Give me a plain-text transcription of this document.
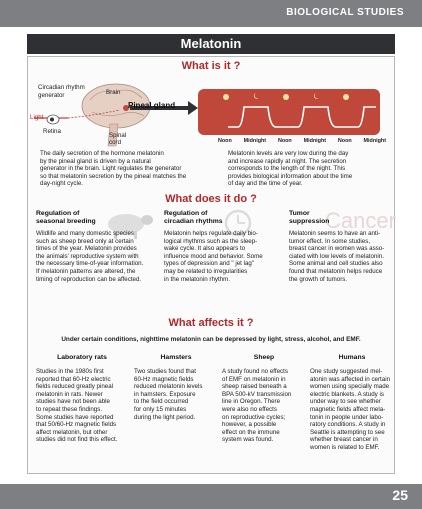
BIOLOGICAL STUDIES
Melatonin
What is it ?
Circadian rhythm
generator	Brain
Pineal gland
Light
Retina
Spinal
cord	Noon Midnight Noon Midnight Noon Midnight
The daily secretion of the hormone melatonin
by the pineal gland is driven by a natural
generator in the brain. Light regulates the generator
so that melatonin secretion by the pineal matches the
day-night cycle.
Melatonin levels are very low during the day
and increase rapidly at night. The secretion
corresponds to the length of the night. This
provides biological information about the time
of day and the time of year.
What does it do ?
Cancer
Regulation of
seasonal breeding
Wildlife and many domestic species
such as sheep breed only at certain
times of the year. Melatonin provides
the animals' reproductive system with
the necessary time-of-year information.
If melatonin patterns are altered, the
timing of reproduction can be affected.
Regulation of
circadian rhythms
Melatonin helps regulate daily bio-
logical rhythms such as the sleep-
wake cycle. It also appears to
influence mood and behavior. Some
types of depression and " jet lag"
may be related to irregularities
in the melatonin rhythm.
Tumor
suppression
Melatonin seems to have an anti-
tumor effect. In some studies,
breast cancer in women was asso-
ciated with low levels of melatonin.
Some animal and cell studies also
found that melatonin helps reduce
the growth of tumors.
What affects it ?
Under certain conditions, nighttime melatonin can be depressed by light, stress, alcohol, and EMF.
Laboratory rats
Studies in the 1980s first
reported that 60-Hz electric
fields reduced greatly pineal
melatonin in rats. Newer
studies have not been able
to repeat these findings.
Some studies have reported
that 50/60-Hz magnetic fields
affect melatonin, but other
studies did not find this effect.
Hamsters
Two studies found that
60-Hz magnetic fields
reduced melatonin levels
in hamsters. Exposure
to the field occurred
for only 15 minutes
during the light period.
Sheep
A study found no effects
of EMF on melatonin in
sheep raised beneath a
BPA 500-kV transmission
line in Oregon. There
were also no effects
on reproductive cycles;
however, a possible
effect on the immune
system was found.
Humans
One study suggested mel-
atonin was affected in certain
women using specially made
electric blankets. A study is
under way to see whether
magnetic fields affect mela-
tonin in people under labo-
ratory conditions. A study in
Seattle is attempting to see
whether breast cancer in
women is related to EMF.
25
